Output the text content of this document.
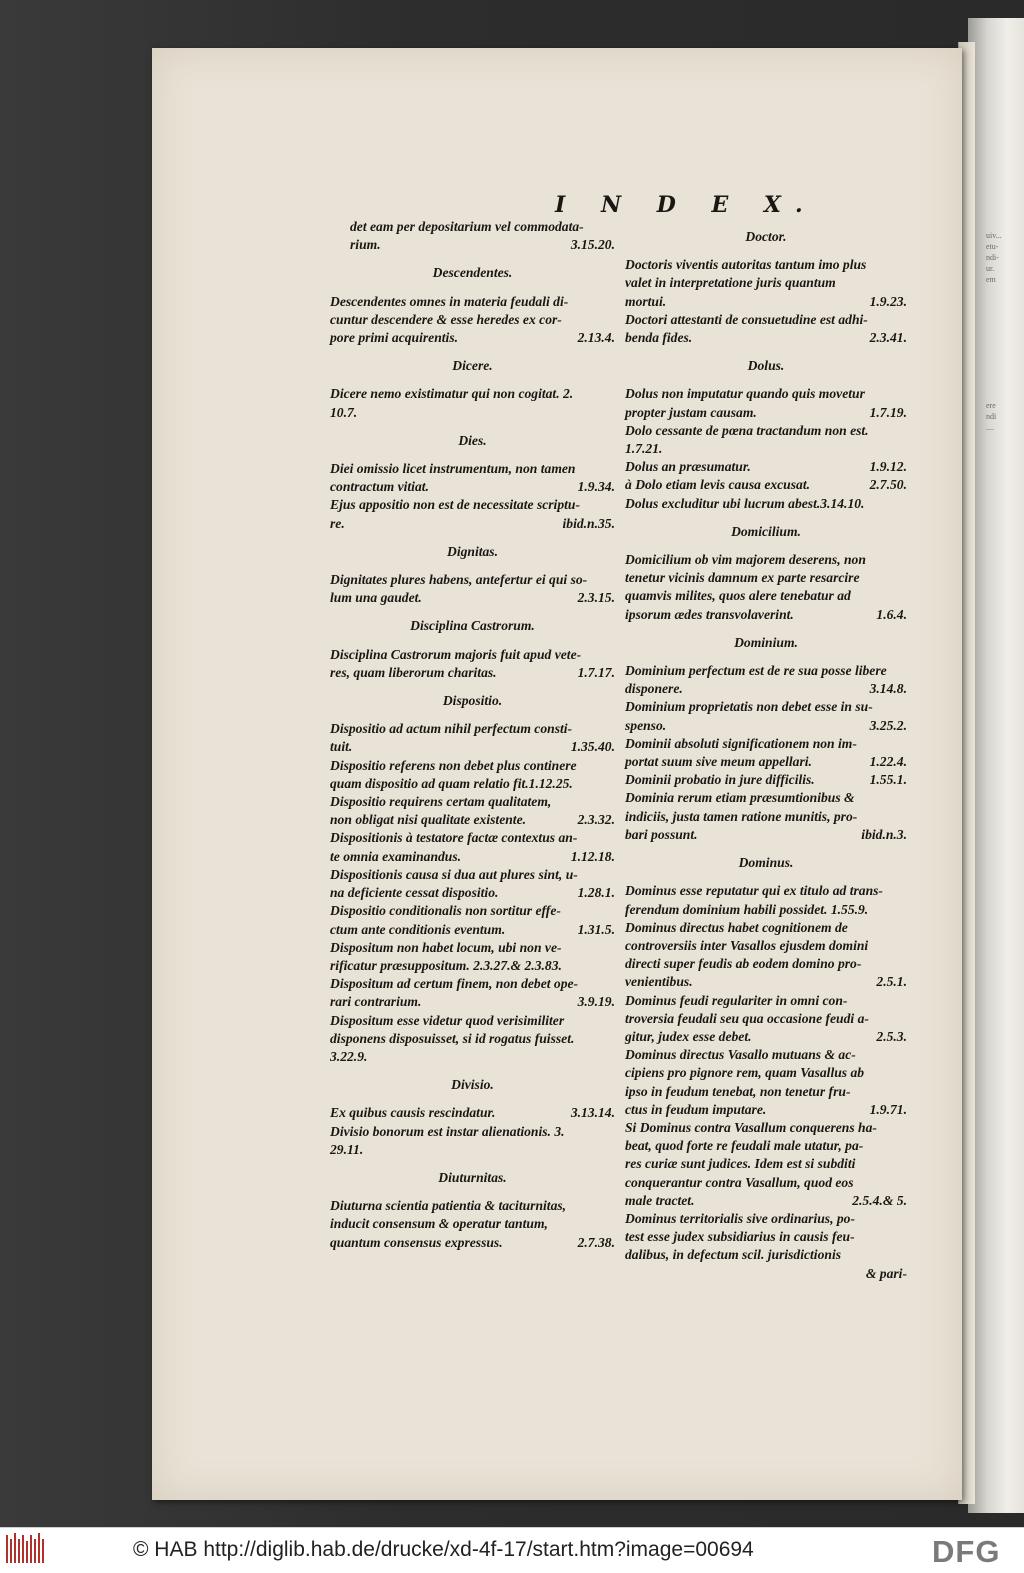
uiv... etu-
ndi-
ur.
em
ere
ndi
....
I N D E X.
det eam per depositarium vel commodata-
rium.	3.15.20.
Descendentes.
Descendentes omnes in materia feudali di-
cuntur descendere & esse heredes ex cor-
pore primi acquirentis.	2.13.4.
Dicere.
Dicere nemo existimatur qui non cogitat. 2.
10.7.
Dies.
Diei omissio licet instrumentum, non tamen
contractum vitiat.	1.9.34.
Ejus appositio non est de necessitate scriptu-
re.	ibid.n.35.
Dignitas.
Dignitates plures habens, antefertur ei qui so-
lum una gaudet.	2.3.15.
Disciplina Castrorum.
Disciplina Castrorum majoris fuit apud vete-
res, quam liberorum charitas.	1.7.17.
Dispositio.
Dispositio ad actum nihil perfectum consti-
tuit.	1.35.40.
Dispositio referens non debet plus continere
quam dispositio ad quam relatio fit.1.12.25.
Dispositio requirens certam qualitatem,
non obligat nisi qualitate existente.	2.3.32.
Dispositionis à testatore factæ contextus an-
te omnia examinandus.	1.12.18.
Dispositionis causa si dua aut plures sint, u-
na deficiente cessat dispositio.	1.28.1.
Dispositio conditionalis non sortitur effe-
ctum ante conditionis eventum.	1.31.5.
Dispositum non habet locum, ubi non ve-
rificatur præsuppositum. 2.3.27.& 2.3.83.
Dispositum ad certum finem, non debet ope-
rari contrarium.	3.9.19.
Dispositum esse videtur quod verisimiliter
disponens disposuisset, si id rogatus fuisset.
3.22.9.
Divisio.
Ex quibus causis rescindatur.	3.13.14.
Divisio bonorum est instar alienationis. 3.
29.11.
Diuturnitas.
Diuturna scientia patientia & taciturnitas,
inducit consensum & operatur tantum,
quantum consensus expressus.	2.7.38.
Doctor.
Doctoris viventis autoritas tantum imo plus
valet in interpretatione juris quantum
mortui.	1.9.23.
Doctori attestanti de consuetudine est adhi-
benda fides.	2.3.41.
Dolus.
Dolus non imputatur quando quis movetur
propter justam causam.	1.7.19.
Dolo cessante de pœna tractandum non est.
1.7.21.
Dolus an præsumatur.	1.9.12.
à Dolo etiam levis causa excusat.	2.7.50.
Dolus excluditur ubi lucrum abest.3.14.10.
Domicilium.
Domicilium ob vim majorem deserens, non
tenetur vicinis damnum ex parte resarcire
quamvis milites, quos alere tenebatur ad
ipsorum ædes transvolaverint.	1.6.4.
Dominium.
Dominium perfectum est de re sua posse libere
disponere.	3.14.8.
Dominium proprietatis non debet esse in su-
spenso.	3.25.2.
Dominii absoluti significationem non im-
portat suum sive meum appellari.	1.22.4.
Dominii probatio in jure difficilis.	1.55.1.
Dominia rerum etiam præsumtionibus &
indiciis, justa tamen ratione munitis, pro-
bari possunt.	ibid.n.3.
Dominus.
Dominus esse reputatur qui ex titulo ad trans-
ferendum dominium habili possidet. 1.55.9.
Dominus directus habet cognitionem de
controversiis inter Vasallos ejusdem domini
directi super feudis ab eodem domino pro-
venientibus.	2.5.1.
Dominus feudi regulariter in omni con-
troversia feudali seu qua occasione feudi a-
gitur, judex esse debet.	2.5.3.
Dominus directus Vasallo mutuans & ac-
cipiens pro pignore rem, quam Vasallus ab
ipso in feudum tenebat, non tenetur fru-
ctus in feudum imputare.	1.9.71.
Si Dominus contra Vasallum conquerens ha-
beat, quod forte re feudali male utatur, pa-
res curiæ sunt judices. Idem est si subditi
conquerantur contra Vasallum, quod eos
male tractet.	2.5.4.& 5.
Dominus territorialis sive ordinarius, po-
test esse judex subsidiarius in causis feu-
dalibus, in defectum scil. jurisdictionis
& pari-
© HAB http://diglib.hab.de/drucke/xd-4f-17/start.htm?image=00694	DFG
